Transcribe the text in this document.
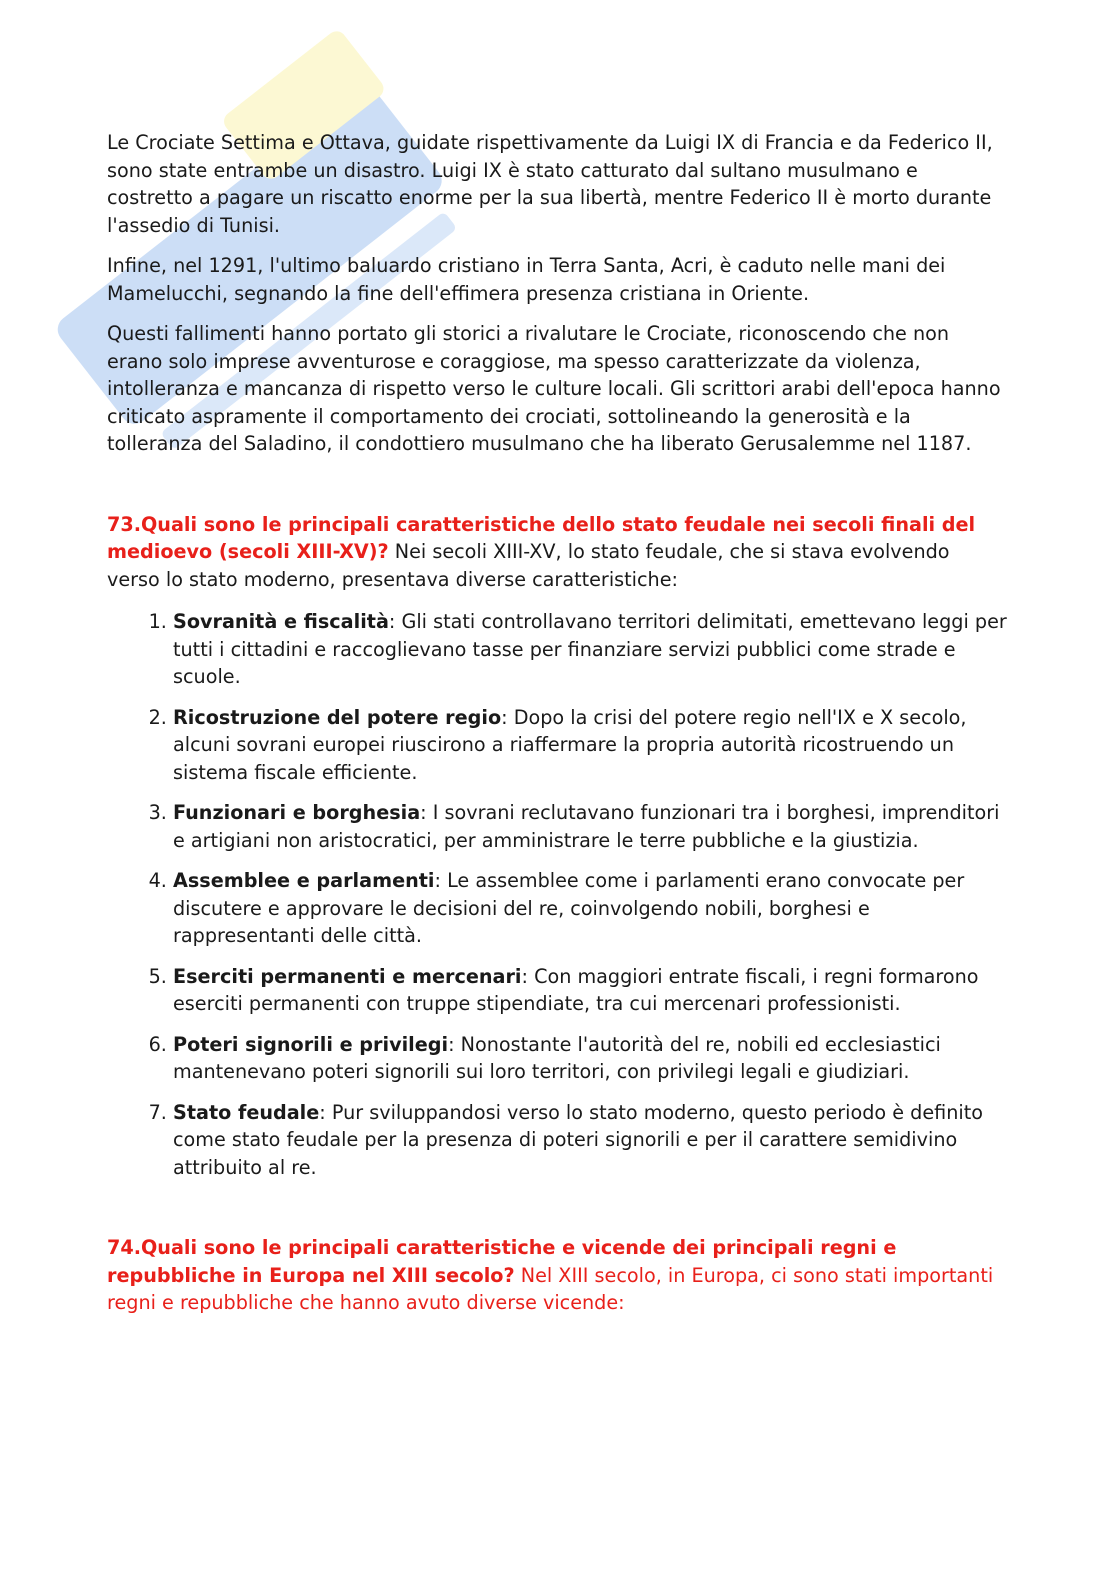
Le Crociate Settima e Ottava, guidate rispettivamente da Luigi IX di Francia e da Federico II, sono state entrambe un disastro. Luigi IX è stato catturato dal sultano musulmano e costretto a pagare un riscatto enorme per la sua libertà, mentre Federico II è morto durante l'assedio di Tunisi.

Infine, nel 1291, l'ultimo baluardo cristiano in Terra Santa, Acri, è caduto nelle mani dei Mamelucchi, segnando la fine dell'effimera presenza cristiana in Oriente.

Questi fallimenti hanno portato gli storici a rivalutare le Crociate, riconoscendo che non erano solo imprese avventurose e coraggiose, ma spesso caratterizzate da violenza, intolleranza e mancanza di rispetto verso le culture locali. Gli scrittori arabi dell'epoca hanno criticato aspramente il comportamento dei crociati, sottolineando la generosità e la tolleranza del Saladino, il condottiero musulmano che ha liberato Gerusalemme nel 1187.

73.Quali sono le principali caratteristiche dello stato feudale nei secoli finali del medioevo (secoli XIII-XV)? Nei secoli XIII-XV, lo stato feudale, che si stava evolvendo verso lo stato moderno, presentava diverse caratteristiche:

1. Sovranità e fiscalità: Gli stati controllavano territori delimitati, emettevano leggi per tutti i cittadini e raccoglievano tasse per finanziare servizi pubblici come strade e scuole.
2. Ricostruzione del potere regio: Dopo la crisi del potere regio nell'IX e X secolo, alcuni sovrani europei riuscirono a riaffermare la propria autorità ricostruendo un sistema fiscale efficiente.
3. Funzionari e borghesia: I sovrani reclutavano funzionari tra i borghesi, imprenditori e artigiani non aristocratici, per amministrare le terre pubbliche e la giustizia.
4. Assemblee e parlamenti: Le assemblee come i parlamenti erano convocate per discutere e approvare le decisioni del re, coinvolgendo nobili, borghesi e rappresentanti delle città.
5. Eserciti permanenti e mercenari: Con maggiori entrate fiscali, i regni formarono eserciti permanenti con truppe stipendiate, tra cui mercenari professionisti.
6. Poteri signorili e privilegi: Nonostante l'autorità del re, nobili ed ecclesiastici mantenevano poteri signorili sui loro territori, con privilegi legali e giudiziari.
7. Stato feudale: Pur sviluppandosi verso lo stato moderno, questo periodo è definito come stato feudale per la presenza di poteri signorili e per il carattere semidivino attribuito al re.

74.Quali sono le principali caratteristiche e vicende dei principali regni e repubbliche in Europa nel XIII secolo? Nel XIII secolo, in Europa, ci sono stati importanti regni e repubbliche che hanno avuto diverse vicende:
